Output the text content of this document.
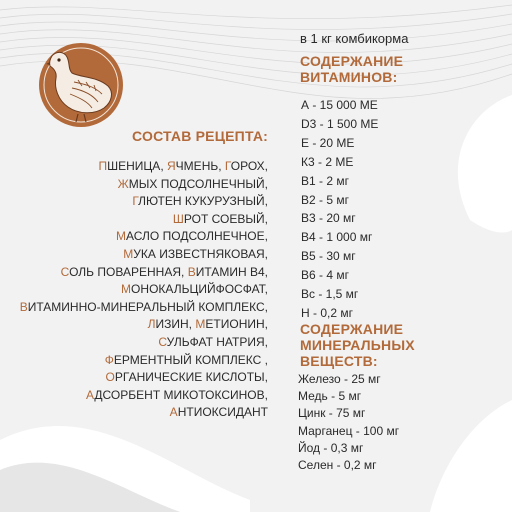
в 1 кг комбикорма
СОДЕРЖАНИЕ
ВИТАМИНОВ:
А - 15 000 МЕ
D3 - 1 500 МЕ
Е - 20 МЕ
К3 - 2 МЕ
В1 - 2 мг
В2 - 5 мг
В3 - 20 мг
В4 - 1 000 мг
В5 - 30 мг
В6 - 4 мг
Вс - 1,5 мг
Н - 0,2 мг
СОДЕРЖАНИЕ
МИНЕРАЛЬНЫХ
ВЕЩЕСТВ:
Железо - 25 мг
Медь - 5 мг
Цинк - 75 мг
Марганец - 100 мг
Йод - 0,3 мг
Селен - 0,2 мг
СОСТАВ РЕЦЕПТА:
ПШЕНИЦА, ЯЧМЕНЬ, ГОРОХ,
ЖМЫХ ПОДСОЛНЕЧНЫЙ,
ГЛЮТЕН КУКУРУЗНЫЙ,
ШРОТ СОЕВЫЙ,
МАСЛО ПОДСОЛНЕЧНОЕ,
МУКА ИЗВЕСТНЯКОВАЯ,
СОЛЬ ПОВАРЕННАЯ, ВИТАМИН В4,
МОНОКАЛЬЦИЙФОСФАТ,
ВИТАМИННО-МИНЕРАЛЬНЫЙ КОМПЛЕКС,
ЛИЗИН, МЕТИОНИН,
СУЛЬФАТ НАТРИЯ,
ФЕРМЕНТНЫЙ КОМПЛЕКС ,
ОРГАНИЧЕСКИЕ КИСЛОТЫ,
АДСОРБЕНТ МИКОТОКСИНОВ,
АНТИОКСИДАНТ
